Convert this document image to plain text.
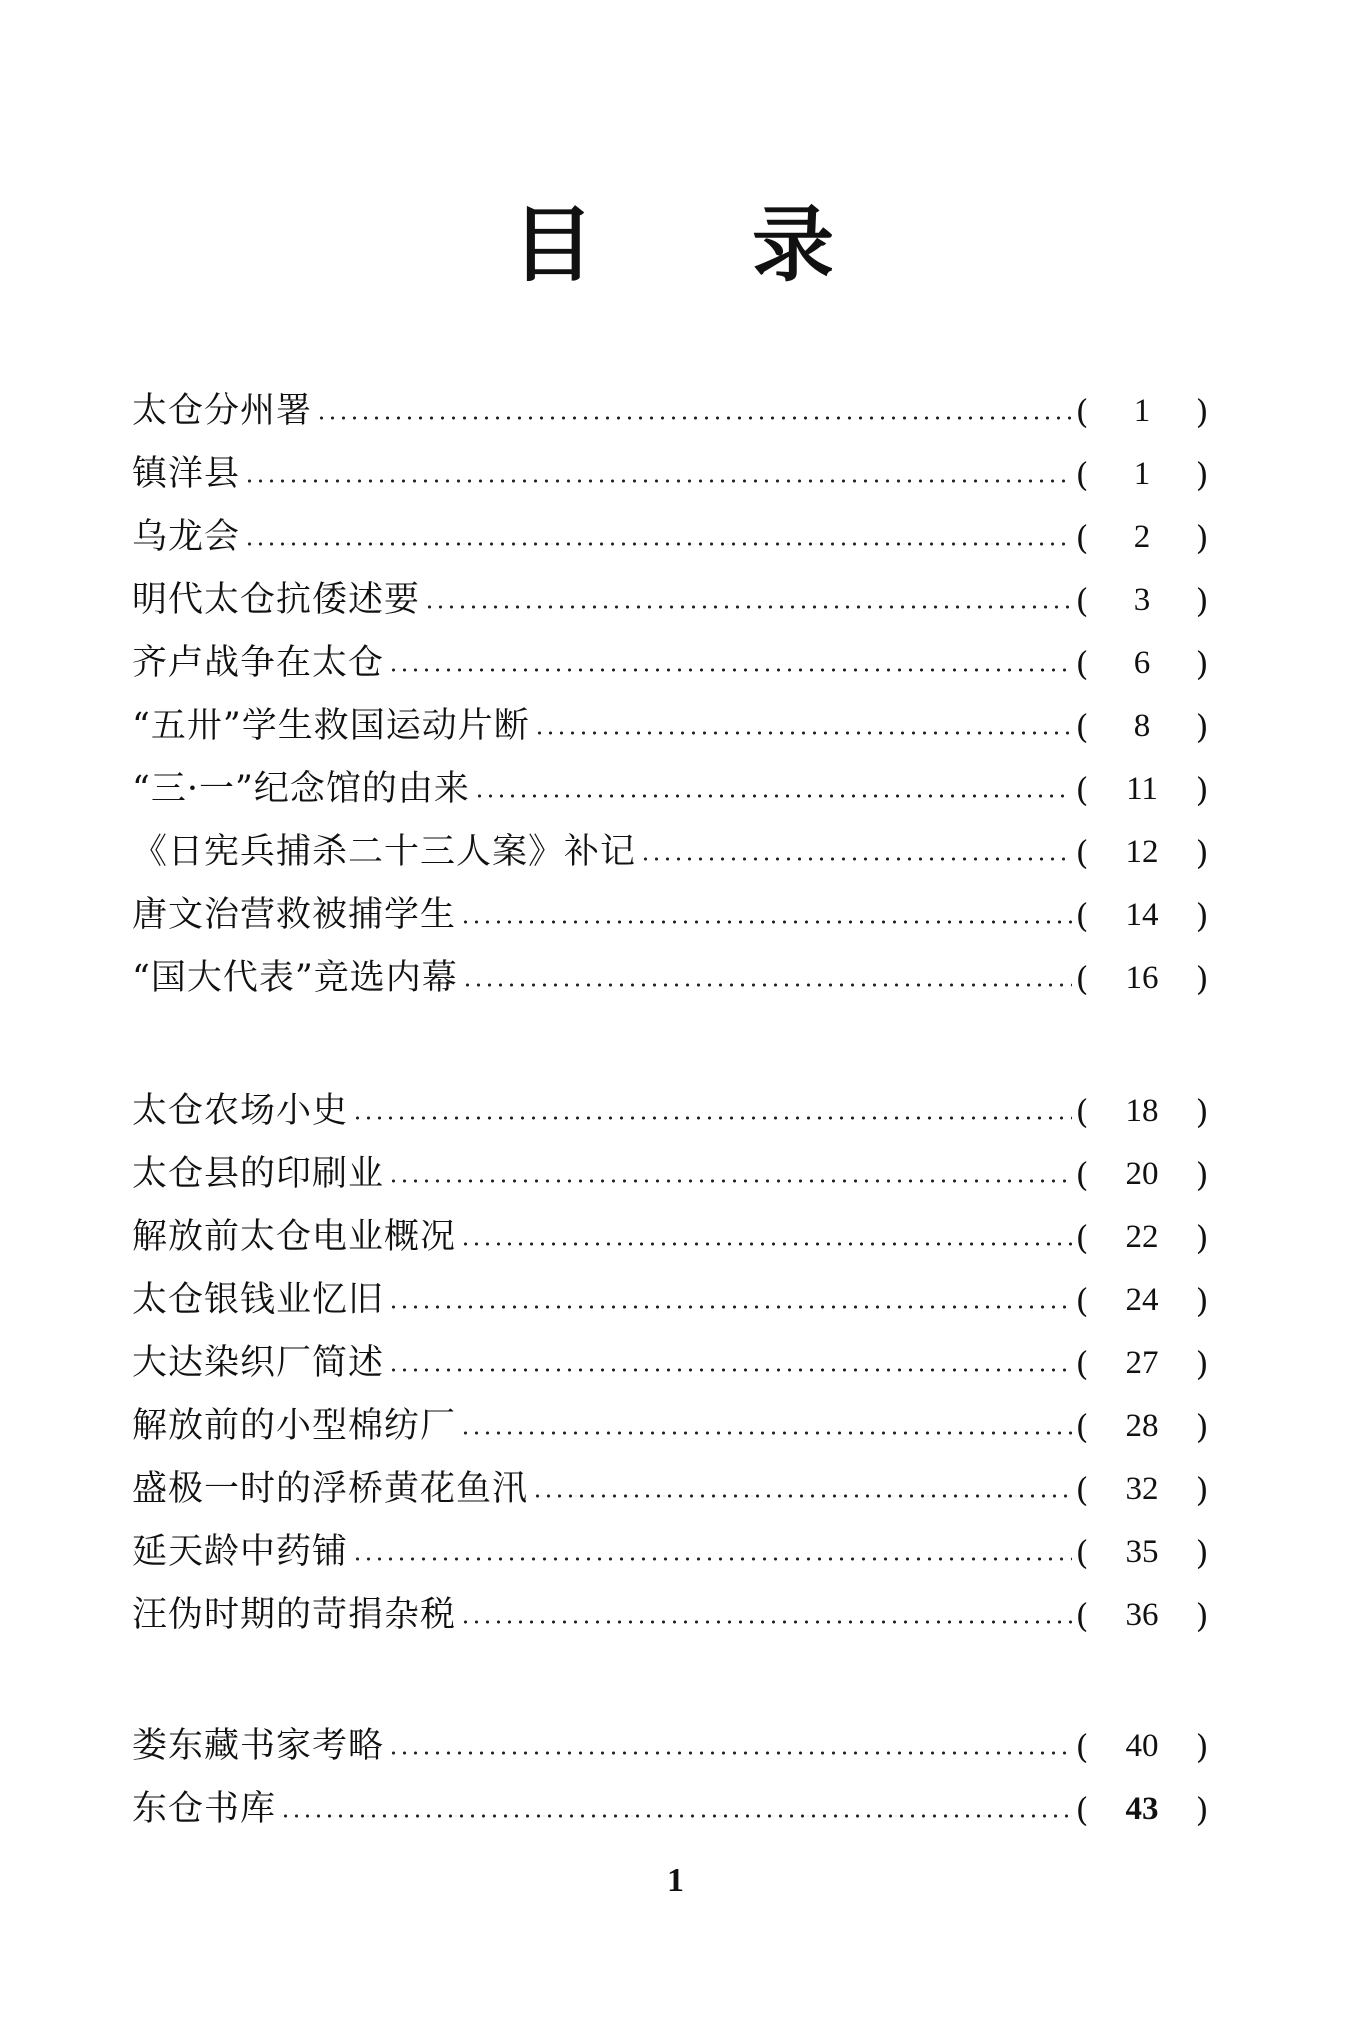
目 录
太仓分州署	(	1	)
镇洋县	(	1	)
乌龙会	(	2	)
明代太仓抗倭述要	(	3	)
齐卢战争在太仓	(	6	)
“五卅”学生救国运动片断	(	8	)
“三·一”纪念馆的由来	(	11	)
《日宪兵捕杀二十三人案》补记	(	12	)
唐文治营救被捕学生	(	14	)
“国大代表”竞选内幕	(	16	)
太仓农场小史	(	18	)
太仓县的印刷业	(	20	)
解放前太仓电业概况	(	22	)
太仓银钱业忆旧	(	24	)
大达染织厂简述	(	27	)
解放前的小型棉纺厂	(	28	)
盛极一时的浮桥黄花鱼汛	(	32	)
延天龄中药铺	(	35	)
汪伪时期的苛捐杂税	(	36	)
娄东藏书家考略	(	40	)
东仓书库	(	43	)
1
